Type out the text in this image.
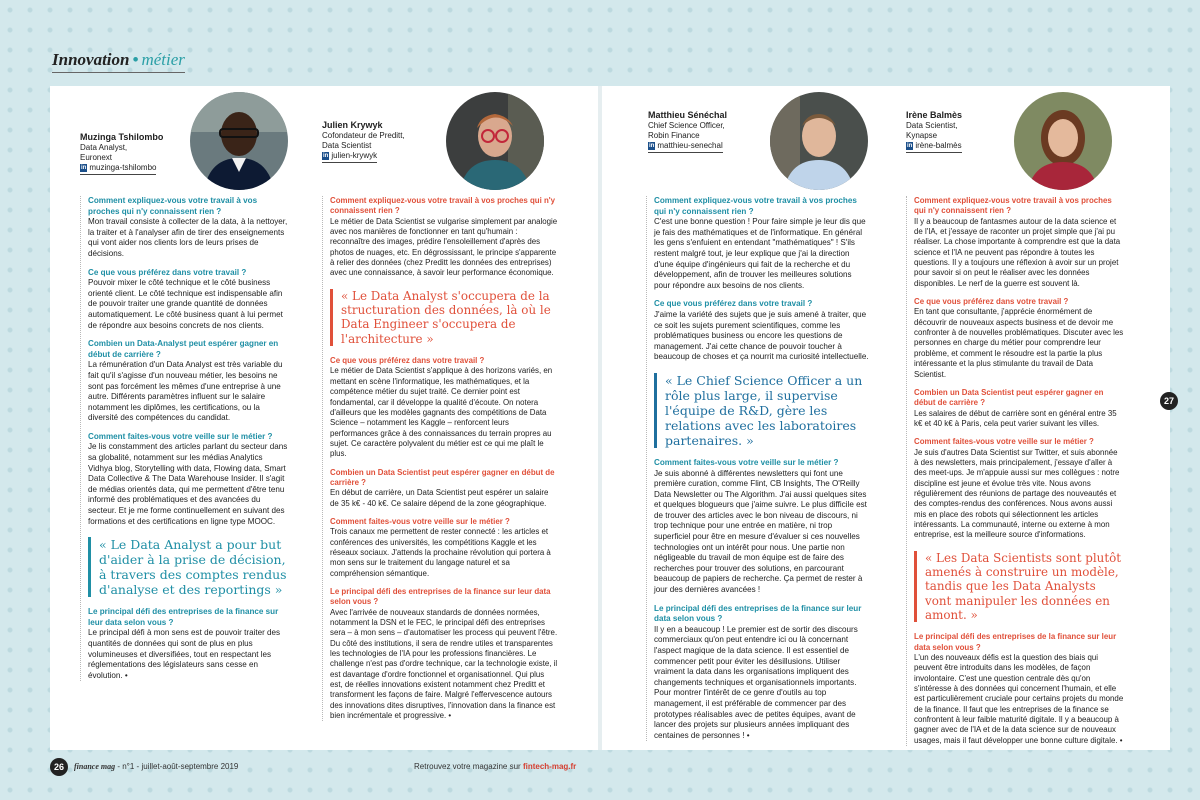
Innovation • métier
Muzinga Tshilombo
Data Analyst,
Euronext
in muzinga-tshilombo
Julien Krywyk
Cofondateur de Preditt,
Data Scientist
in julien-krywyk
Matthieu Sénéchal
Chief Science Officer,
Robin Finance
in matthieu-senechal
Irène Balmès
Data Scientist,
Kynapse
in irène-balmès
Comment expliquez-vous votre travail à vos proches qui n'y connaissent rien ?

Mon travail consiste à collecter de la data, à la nettoyer, la traiter et à l'analyser afin de tirer des enseignements qui vont aider nos clients lors de leurs prises de décisions.

Ce que vous préférez dans votre travail ?

Pouvoir mixer le côté technique et le côté business orienté client. Le côté technique est indispensable afin de pouvoir traiter une grande quantité de données automatiquement. Le côté business quant à lui permet de répondre aux besoins concrets de nos clients.

Combien un Data-Analyst peut espérer gagner en début de carrière ?

La rémunération d'un Data Analyst est très variable du fait qu'il s'agisse d'un nouveau métier, les besoins ne sont pas forcément les mêmes d'une entreprise à une autre. Différents paramètres influent sur le salaire notamment les diplômes, les certifications, ou la diversité des compétences du candidat.

Comment faites-vous votre veille sur le métier ?

Je lis constamment des articles parlant du secteur dans sa globalité, notamment sur les médias Analytics Vidhya blog, Storytelling with data, Flowing data, Smart Data Collective & The Data Warehouse Insider. Il s'agit de médias orientés data, qui me permettent d'être tenu informé des problématiques et des avancées du secteur. Et je me forme continuellement en suivant des formations et des certifications en ligne type MOOC.

« Le Data Analyst a pour but d'aider à la prise de décision, à travers des comptes rendus d'analyse et des reportings »
Le principal défi des entreprises de la finance sur leur data selon vous ?

Le principal défi à mon sens est de pouvoir traiter des quantités de données qui sont de plus en plus volumineuses et diversifiées, tout en respectant les réglementations des législateurs sans cesse en évolution. •

Comment expliquez-vous votre travail à vos proches qui n'y connaissent rien ?

Le métier de Data Scientist se vulgarise simplement par analogie avec nos manières de fonctionner en tant qu'humain : reconnaître des images, prédire l'ensoleillement d'après des photos de nuages, etc. En dégrossissant, le principe s'apparente à relier des données (chez Preditt les données des entreprises) avec une connaissance, à savoir leur performance économique.

« Le Data Analyst s'occupera de la structuration des données, là où le Data Engineer s'occupera de l'architecture »
Ce que vous préférez dans votre travail ?

Le métier de Data Scientist s'applique à des horizons variés, en mettant en scène l'informatique, les mathématiques, et la compétence métier du sujet traité. Ce dernier point est fondamental, car il développe la qualité d'écoute. On notera d'ailleurs que les modèles gagnants des compétitions de Data Science – notamment les Kaggle – renforcent leurs performances grâce à des connaissances du terrain propres au sujet. Ce caractère polyvalent du métier est ce qui me plaît le plus.

Combien un Data Scientist peut espérer gagner en début de carrière ?

En début de carrière, un Data Scientist peut espérer un salaire de 35 k€ - 40 k€. Ce salaire dépend de la zone géographique.

Comment faites-vous votre veille sur le métier ?

Trois canaux me permettent de rester connecté : les articles et conférences des universités, les compétitions Kaggle et les réseaux sociaux. J'attends la prochaine révolution qui portera à mon sens sur le traitement du langage naturel et sa compréhension sémantique.

Le principal défi des entreprises de la finance sur leur data selon vous ?

Avec l'arrivée de nouveaux standards de données normées, notamment la DSN et le FEC, le principal défi des entreprises sera – à mon sens – d'automatiser les process qui peuvent l'être. Du côté des institutions, il sera de rendre utiles et transparentes les technologies de l'IA pour les professions financières. Le challenge n'est pas d'ordre technique, car la technologie existe, il est davantage d'ordre fonctionnel et organisationnel. Qui plus est, de réelles innovations existent notamment chez Preditt et transforment les façons de faire. Malgré l'effervescence autours des innovations dites disruptives, l'innovation dans la finance est bien incrémentale et progressive. •

Comment expliquez-vous votre travail à vos proches qui n'y connaissent rien ?

C'est une bonne question ! Pour faire simple je leur dis que je fais des mathématiques et de l'informatique. En général les gens s'enfuient en entendant "mathématiques" ! S'ils restent malgré tout, je leur explique que j'ai la direction d'une équipe d'ingénieurs qui fait de la recherche et du développement, afin de trouver les meilleures solutions pour répondre aux besoins de nos clients.

Ce que vous préférez dans votre travail ?

J'aime la variété des sujets que je suis amené à traiter, que ce soit les sujets purement scientifiques, comme les problématiques business ou encore les questions de management. J'ai cette chance de pouvoir toucher à beaucoup de choses et ça nourrit ma curiosité intellectuelle.

« Le Chief Science Officer a un rôle plus large, il supervise l'équipe de R&D, gère les relations avec les laboratoires partenaires. »
Comment faites-vous votre veille sur le métier ?

Je suis abonné à différentes newsletters qui font une première curation, comme Flint, CB Insights, The O'Reilly Data Newsletter ou The Algorithm. J'ai aussi quelques sites et quelques blogueurs que j'aime suivre. Le plus difficile est de trouver des articles avec le bon niveau de discours, ni trop technique pour une entrée en matière, ni trop superficiel pour être en mesure d'évaluer si ces nouvelles technologies ont un intérêt pour nous. Une partie non négligeable du travail de mon équipe est de faire des recherches pour trouver des solutions, en parcourant beaucoup de papiers de recherche. Ça permet de rester à jour des dernières avancées !

Le principal défi des entreprises de la finance sur leur data selon vous ?

Il y en a beaucoup ! Le premier est de sortir des discours commerciaux qu'on peut entendre ici ou là concernant l'aspect magique de la data science. Il est essentiel de commencer petit pour éviter les désillusions. Utiliser vraiment la data dans les organisations impliquent des changements techniques et organisationnels importants. Pour montrer l'intérêt de ce genre d'outils au top management, il est préférable de commencer par des prototypes réalisables avec de petites équipes, avant de lancer des projets sur plusieurs années impliquant des centaines de personnes ! •

Comment expliquez-vous votre travail à vos proches qui n'y connaissent rien ?

Il y a beaucoup de fantasmes autour de la data science et de l'IA, et j'essaye de raconter un projet simple que j'ai pu réaliser. La chose importante à comprendre est que la data science et l'IA ne peuvent pas répondre à toutes les questions. Il y a toujours une réflexion à avoir sur un projet pour savoir si on peut le réaliser avec les données disponibles. Le nerf de la guerre est souvent là.

Ce que vous préférez dans votre travail ?

En tant que consultante, j'apprécie énormément de découvrir de nouveaux aspects business et de devoir me confronter à de nouvelles problématiques. Discuter avec les personnes en charge du métier pour comprendre leur problème, et comment le résoudre est la partie la plus intéressante et la plus stimulante du travail de Data Scientist.

Combien un Data Scientist peut espérer gagner en début de carrière ?

Les salaires de début de carrière sont en général entre 35 k€ et 40 k€ à Paris, cela peut varier suivant les villes.

Comment faites-vous votre veille sur le métier ?

Je suis d'autres Data Scientist sur Twitter, et suis abonnée à des newsletters, mais principalement, j'essaye d'aller à des meet-ups. Je m'appuie aussi sur mes collègues : notre discipline est jeune et évolue très vite. Nous avons régulièrement des réunions de partage des nouveautés et des comptes-rendus des conférences. Nous avons aussi mis en place des robots qui sélectionnent les articles intéressants. La communauté, interne ou externe à mon entreprise, est la meilleure source d'informations.

« Les Data Scientists sont plutôt amenés à construire un modèle, tandis que les Data Analysts vont manipuler les données en amont. »
Le principal défi des entreprises de la finance sur leur data selon vous ?

L'un des nouveaux défis est la question des biais qui peuvent être introduits dans les modèles, de façon involontaire. C'est une question centrale dès qu'on s'intéresse à des données qui concernent l'humain, et elle est particulièrement cruciale pour certains projets du monde de la finance. Il faut que les entreprises de la finance se confrontent à leur faible maturité digitale. Il y a beaucoup à gagner avec de l'IA et de la data science sur de nouveaux usages, mais il faut développer une bonne culture digitale. •

26	finance mag - n°1 - juillet-août-septembre 2019	Retrouvez votre magazine sur fintech-mag.fr
27
